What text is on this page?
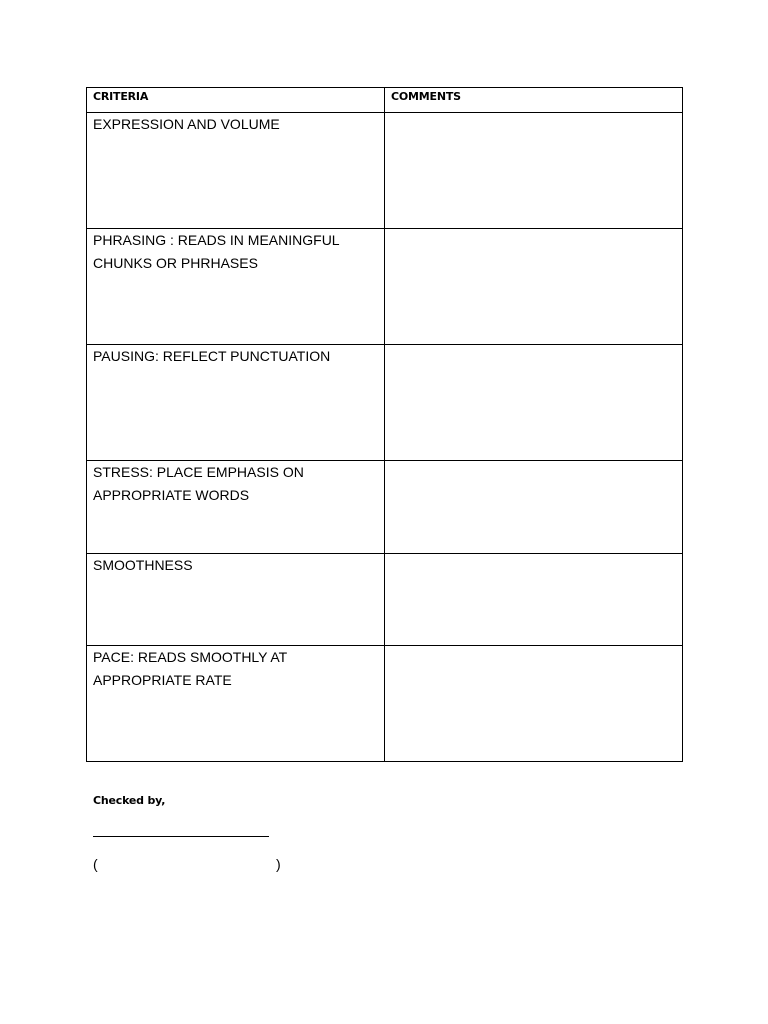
CRITERIA	COMMENTS

EXPRESSION AND VOLUME	

PHRASING : READS IN MEANINGFUL
CHUNKS OR PHRHASES	

PAUSING: REFLECT PUNCTUATION	

STRESS: PLACE EMPHASIS ON
APPROPRIATE WORDS	

SMOOTHNESS	

PACE: READS SMOOTHLY AT
APPROPRIATE RATE	

Checked by,
(	)
